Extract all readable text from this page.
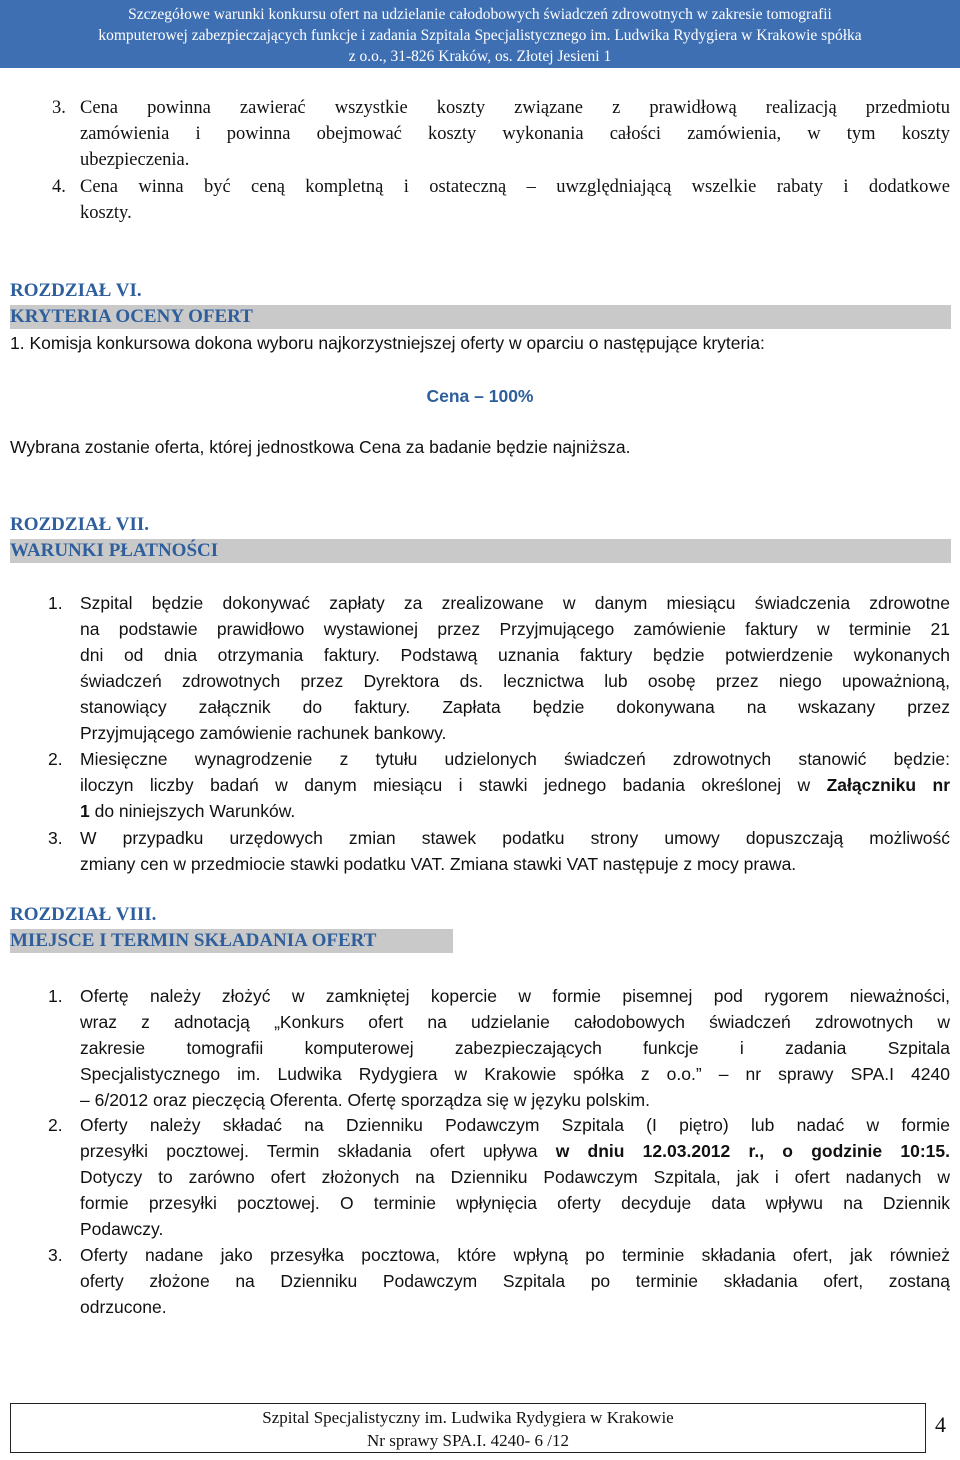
Szczegółowe warunki konkursu ofert na udzielanie całodobowych świadczeń zdrowotnych w zakresie tomografii
komputerowej zabezpieczających funkcje i zadania Szpitala Specjalistycznego im. Ludwika Rydygiera w Krakowie spółka
z o.o., 31-826 Kraków, os. Złotej Jesieni 1
3. Cena powinna zawierać wszystkie koszty związane z prawidłową realizacją przedmiotu
zamówienia i powinna obejmować koszty wykonania całości zamówienia, w tym koszty
ubezpieczenia.
4. Cena winna być ceną kompletną i ostateczną – uwzględniającą wszelkie rabaty i dodatkowe
koszty.
ROZDZIAŁ VI.
KRYTERIA OCENY OFERT
1. Komisja konkursowa dokona wyboru najkorzystniejszej oferty w oparciu o następujące kryteria:
Cena – 100%
Wybrana zostanie oferta, której jednostkowa Cena za badanie będzie najniższa.
ROZDZIAŁ VII.
WARUNKI PŁATNOŚCI
1. Szpital będzie dokonywać zapłaty za zrealizowane w danym miesiącu świadczenia zdrowotne
na podstawie prawidłowo wystawionej przez Przyjmującego zamówienie faktury w terminie 21
dni od dnia otrzymania faktury. Podstawą uznania faktury będzie potwierdzenie wykonanych
świadczeń zdrowotnych przez Dyrektora ds. lecznictwa lub osobę przez niego upoważnioną,
stanowiący załącznik do faktury. Zapłata będzie dokonywana na wskazany przez
Przyjmującego zamówienie rachunek bankowy.
2. Miesięczne wynagrodzenie z tytułu udzielonych świadczeń zdrowotnych stanowić będzie:
iloczyn liczby badań w danym miesiącu i stawki jednego badania określonej w Załączniku nr
1 do niniejszych Warunków.
3. W przypadku urzędowych zmian stawek podatku strony umowy dopuszczają możliwość
zmiany cen w przedmiocie stawki podatku VAT. Zmiana stawki VAT następuje z mocy prawa.
ROZDZIAŁ VIII.
MIEJSCE I TERMIN SKŁADANIA OFERT
1. Ofertę należy złożyć w zamkniętej kopercie w formie pisemnej pod rygorem nieważności,
wraz z adnotacją „Konkurs ofert na udzielanie całodobowych świadczeń zdrowotnych w
zakresie tomografii komputerowej zabezpieczających funkcje i zadania Szpitala
Specjalistycznego im. Ludwika Rydygiera w Krakowie spółka z o.o.” – nr sprawy SPA.I 4240
– 6/2012 oraz pieczęcią Oferenta. Ofertę sporządza się w języku polskim.
2. Oferty należy składać na Dzienniku Podawczym Szpitala (I piętro) lub nadać w formie
przesyłki pocztowej. Termin składania ofert upływa w dniu 12.03.2012 r., o godzinie 10:15.
Dotyczy to zarówno ofert złożonych na Dzienniku Podawczym Szpitala, jak i ofert nadanych w
formie przesyłki pocztowej. O terminie wpłynięcia oferty decyduje data wpływu na Dziennik
Podawczy.
3. Oferty nadane jako przesyłka pocztowa, które wpłyną po terminie składania ofert, jak również
oferty złożone na Dzienniku Podawczym Szpitala po terminie składania ofert, zostaną
odrzucone.
Szpital Specjalistyczny im. Ludwika Rydygiera w Krakowie
Nr sprawy SPA.I. 4240- 6 /12
4
